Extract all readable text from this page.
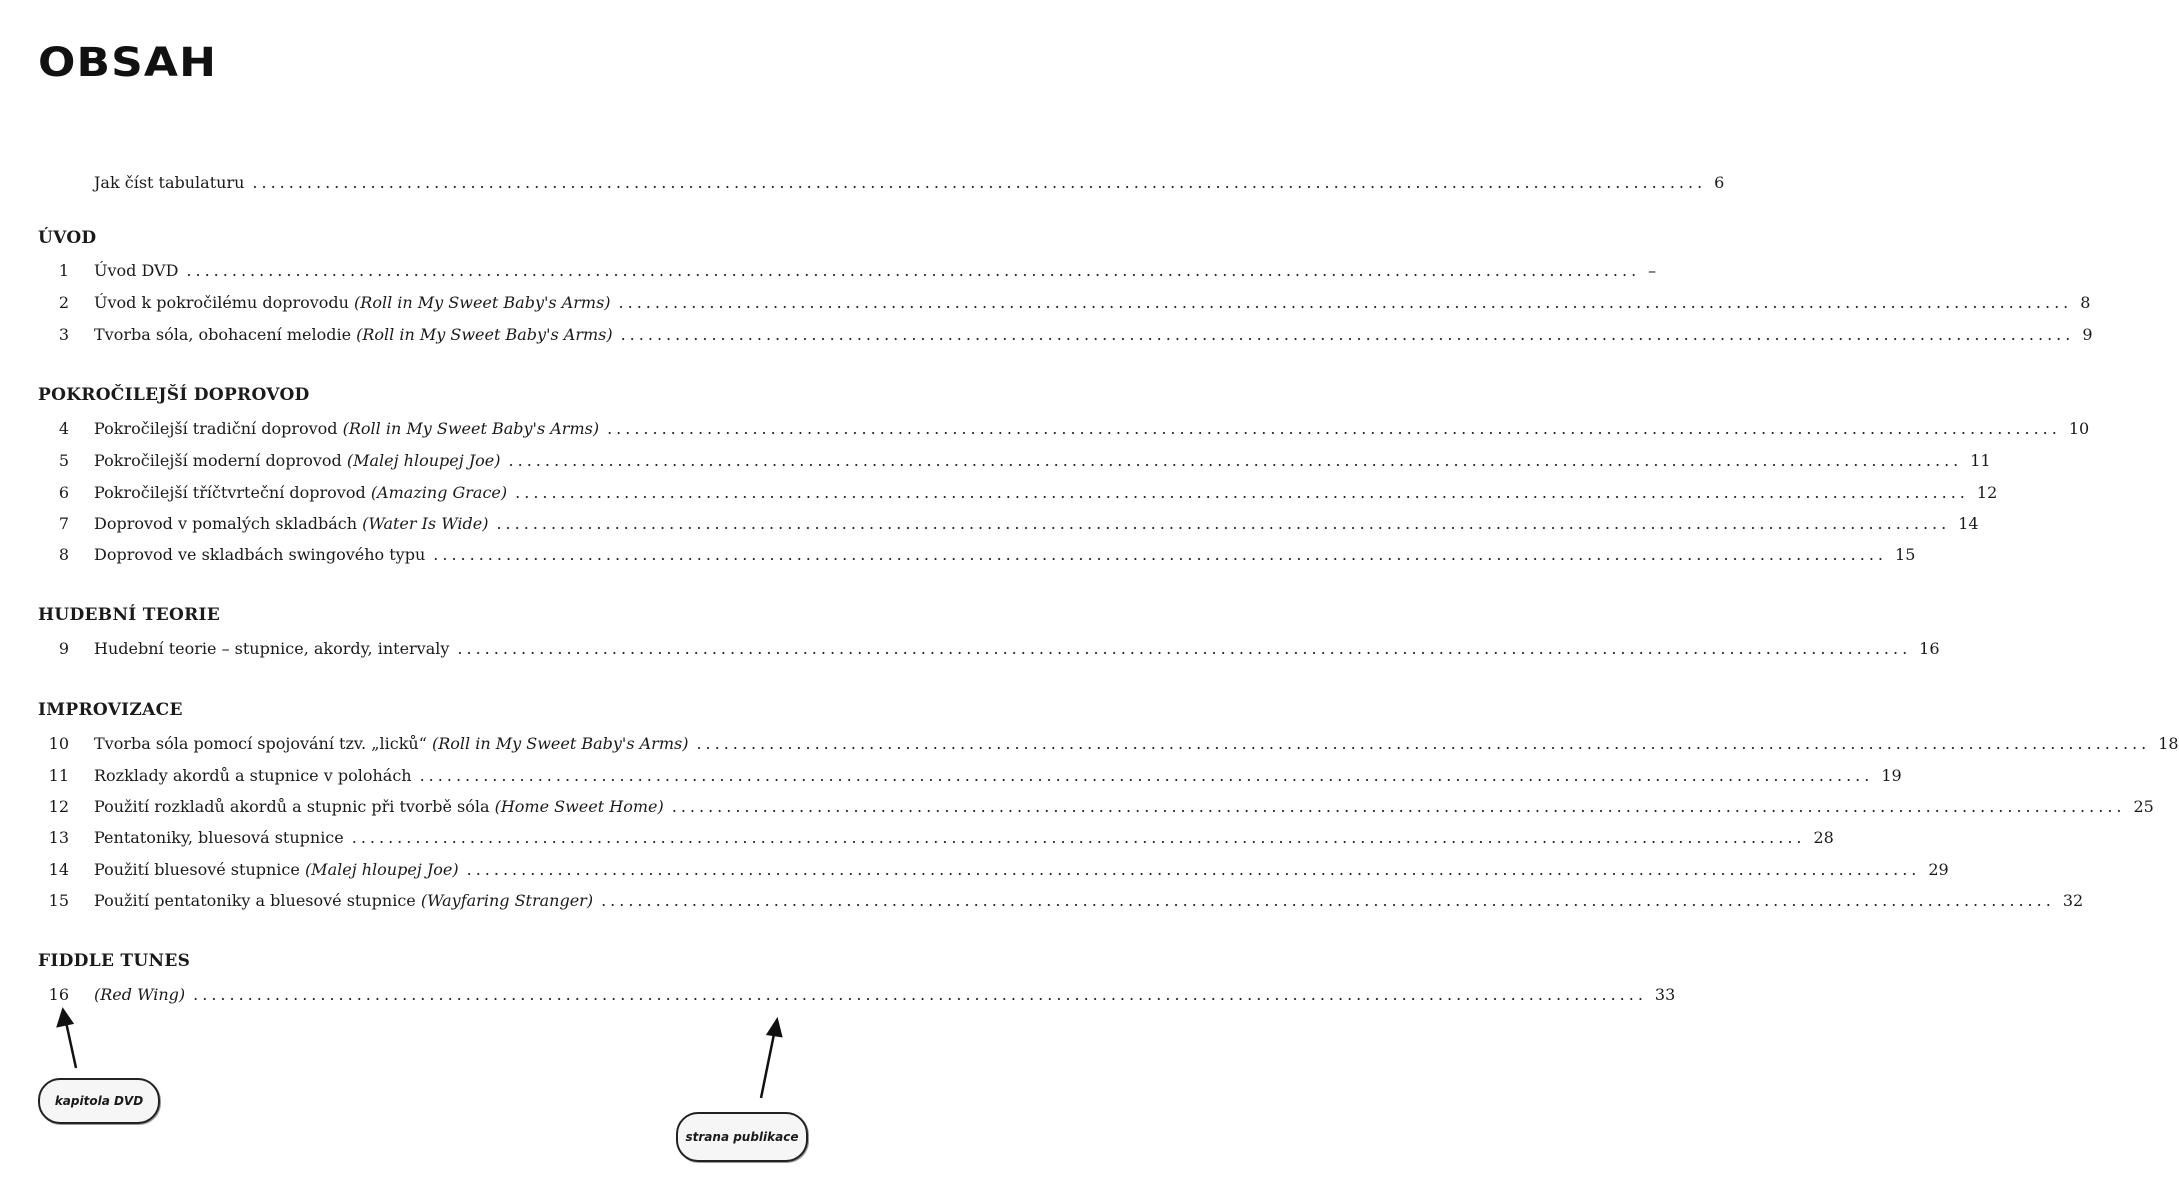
OBSAH
Jak číst tabulaturu ................................................................................................................................................................ 6
ÚVOD
1 Úvod DVD ................................................................................................................................................................ –
2 Úvod k pokročilému doprovodu (Roll in My Sweet Baby's Arms) ................................................................................................................................................................ 8
3 Tvorba sóla, obohacení melodie (Roll in My Sweet Baby's Arms) ................................................................................................................................................................ 9
POKROČILEJŠÍ DOPROVOD
4 Pokročilejší tradiční doprovod (Roll in My Sweet Baby's Arms) ................................................................................................................................................................ 10
5 Pokročilejší moderní doprovod (Malej hloupej Joe) ................................................................................................................................................................ 11
6 Pokročilejší tříčtvrteční doprovod (Amazing Grace) ................................................................................................................................................................ 12
7 Doprovod v pomalých skladbách (Water Is Wide) ................................................................................................................................................................ 14
8 Doprovod ve skladbách swingového typu ................................................................................................................................................................ 15
HUDEBNÍ TEORIE
9 Hudební teorie – stupnice, akordy, intervaly ................................................................................................................................................................ 16
IMPROVIZACE
10 Tvorba sóla pomocí spojování tzv. „licků“ (Roll in My Sweet Baby's Arms) ................................................................................................................................................................ 18
11 Rozklady akordů a stupnice v polohách ................................................................................................................................................................ 19
12 Použití rozkladů akordů a stupnic při tvorbě sóla (Home Sweet Home) ................................................................................................................................................................ 25
13 Pentatoniky, bluesová stupnice ................................................................................................................................................................ 28
14 Použití bluesové stupnice (Malej hloupej Joe) ................................................................................................................................................................ 29
15 Použití pentatoniky a bluesové stupnice (Wayfaring Stranger) ................................................................................................................................................................ 32
FIDDLE TUNES
16 (Red Wing) ................................................................................................................................................................ 33
kapitola DVD
strana publikace
